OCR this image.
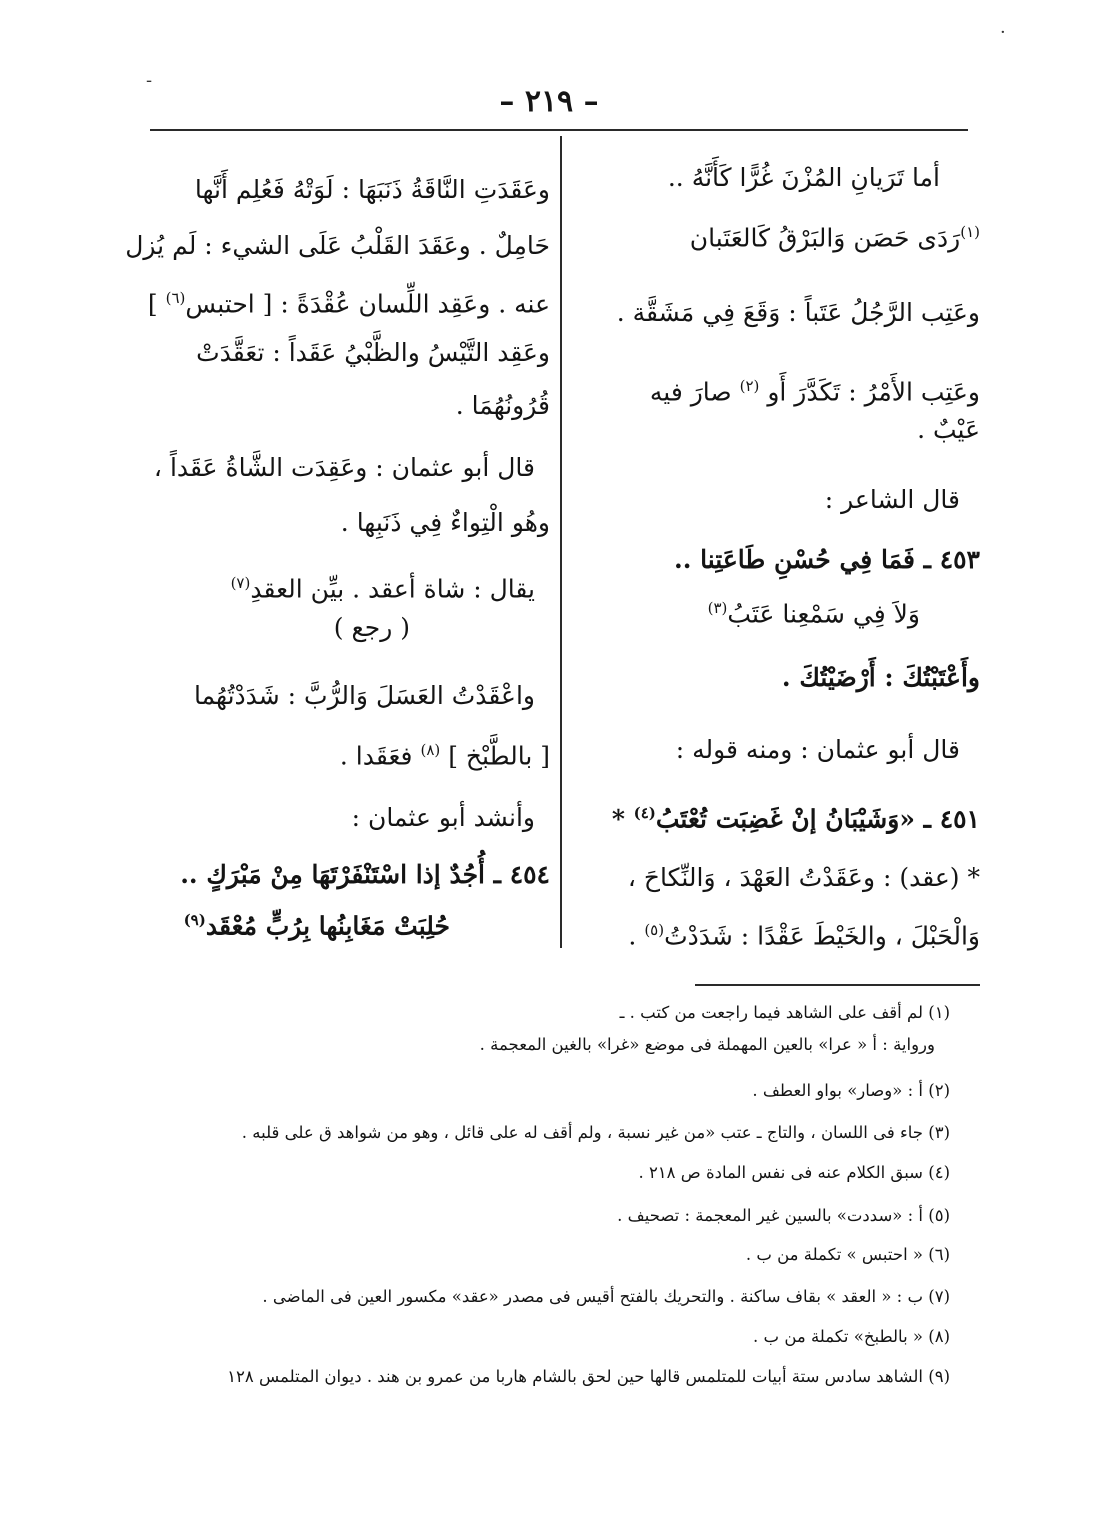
– ٢١٩ –
-
·
أما تَرَيانِ المُزْنَ غُرًّا كَأَنَّهُ ..
$^{(١)}$رَدَى حَصَن وَالبَرْقُ كَالعَتَبان
وعَتِب الرَّجُلُ عَتَباً : وَقَعَ فِي مَشَقَّة .
وعَتِب الأَمْرُ : تَكَدَّرَ أَو $^{(٢)}$ صارَ فيه
عَيْبٌ .
قال الشاعر :
٤٥٣ ـ فَمَا فِي حُسْنِ طَاعَتِنا ..
وَلاَ فِي سَمْعِنا عَتَبُ$^{(٣)}$
وأَعْتَبْتُكَ : أَرْضَيْتُكَ .
قال أبو عثمان : ومنه قوله :
٤٥١ ـ «وَشَيْبَانُ إنْ غَضِبَت تُعْتَبُ$^{(٤)}$ *
* (عقد) : وعَقَدْتُ العَهْدَ ، وَالنِّكاحَ ،
وَالْحَبْلَ ، والخَيْطَ عَقْدًا : شَدَدْتُ$^{(٥)}$ .
وعَقَدَتِ النَّاقَةُ ذَنَبَهَا : لَوَتْهُ فَعُلِم أَنَّها
حَامِلٌ . وعَقَدَ القَلْبُ عَلَى الشيء : لَم يُزل
عنه . وعَقِد اللِّسان عُقْدَةً : [ احتبس$^{(٦)}$ ]
وعَقِد التَّيْسُ والظَّبْيُ عَقَداً : تعَقَّدَتْ
قُرُونُهُمَا .
قال أبو عثمان : وعَقِدَت الشَّاةُ عَقَداً ،
وهُو الْتِواءٌ فِي ذَنَبِها .
يقال : شاة أعقد . بيِّن العقدِ$^{(٧)}$
( رجع )
واعْقَدْتُ العَسَلَ وَالرُّبَّ : شَدَدْتُهُما
[ بالطَّبْخ ] $^{(٨)}$ فعَقَدا .
وأنشد أبو عثمان :
٤٥٤ ـ أُجُدٌ إذا اسْتَنْفَرْتَهَا مِنْ مَبْرَكٍ ..
حُلِبَتْ مَغَابِنُها بِرُبٍّ مُعْقَد$^{(٩)}$
(١) لم أقف على الشاهد فيما راجعت من كتب . ـ
ورواية : أ « عرا» بالعين المهملة فى موضع «غرا» بالغين المعجمة .
(٢) أ : «وصار» بواو العطف .
(٣) جاء فى اللسان ، والتاج ـ عتب «من غير نسبة ، ولم أقف له على قائل ، وهو من شواهد ق على قلبه .
(٤) سبق الكلام عنه فى نفس المادة ص ٢١٨ .
(٥) أ : «سددت» بالسين غير المعجمة : تصحيف .
(٦) « احتبس » تكملة من ب .
(٧) ب : « العقد » بقاف ساكنة . والتحريك بالفتح أقيس فى مصدر «عقد» مكسور العين فى الماضى .
(٨) « بالطبخ» تكملة من ب .
(٩) الشاهد سادس ستة أبيات للمتلمس قالها حين لحق بالشام هاربا من عمرو بن هند . ديوان المتلمس ١٢٨
